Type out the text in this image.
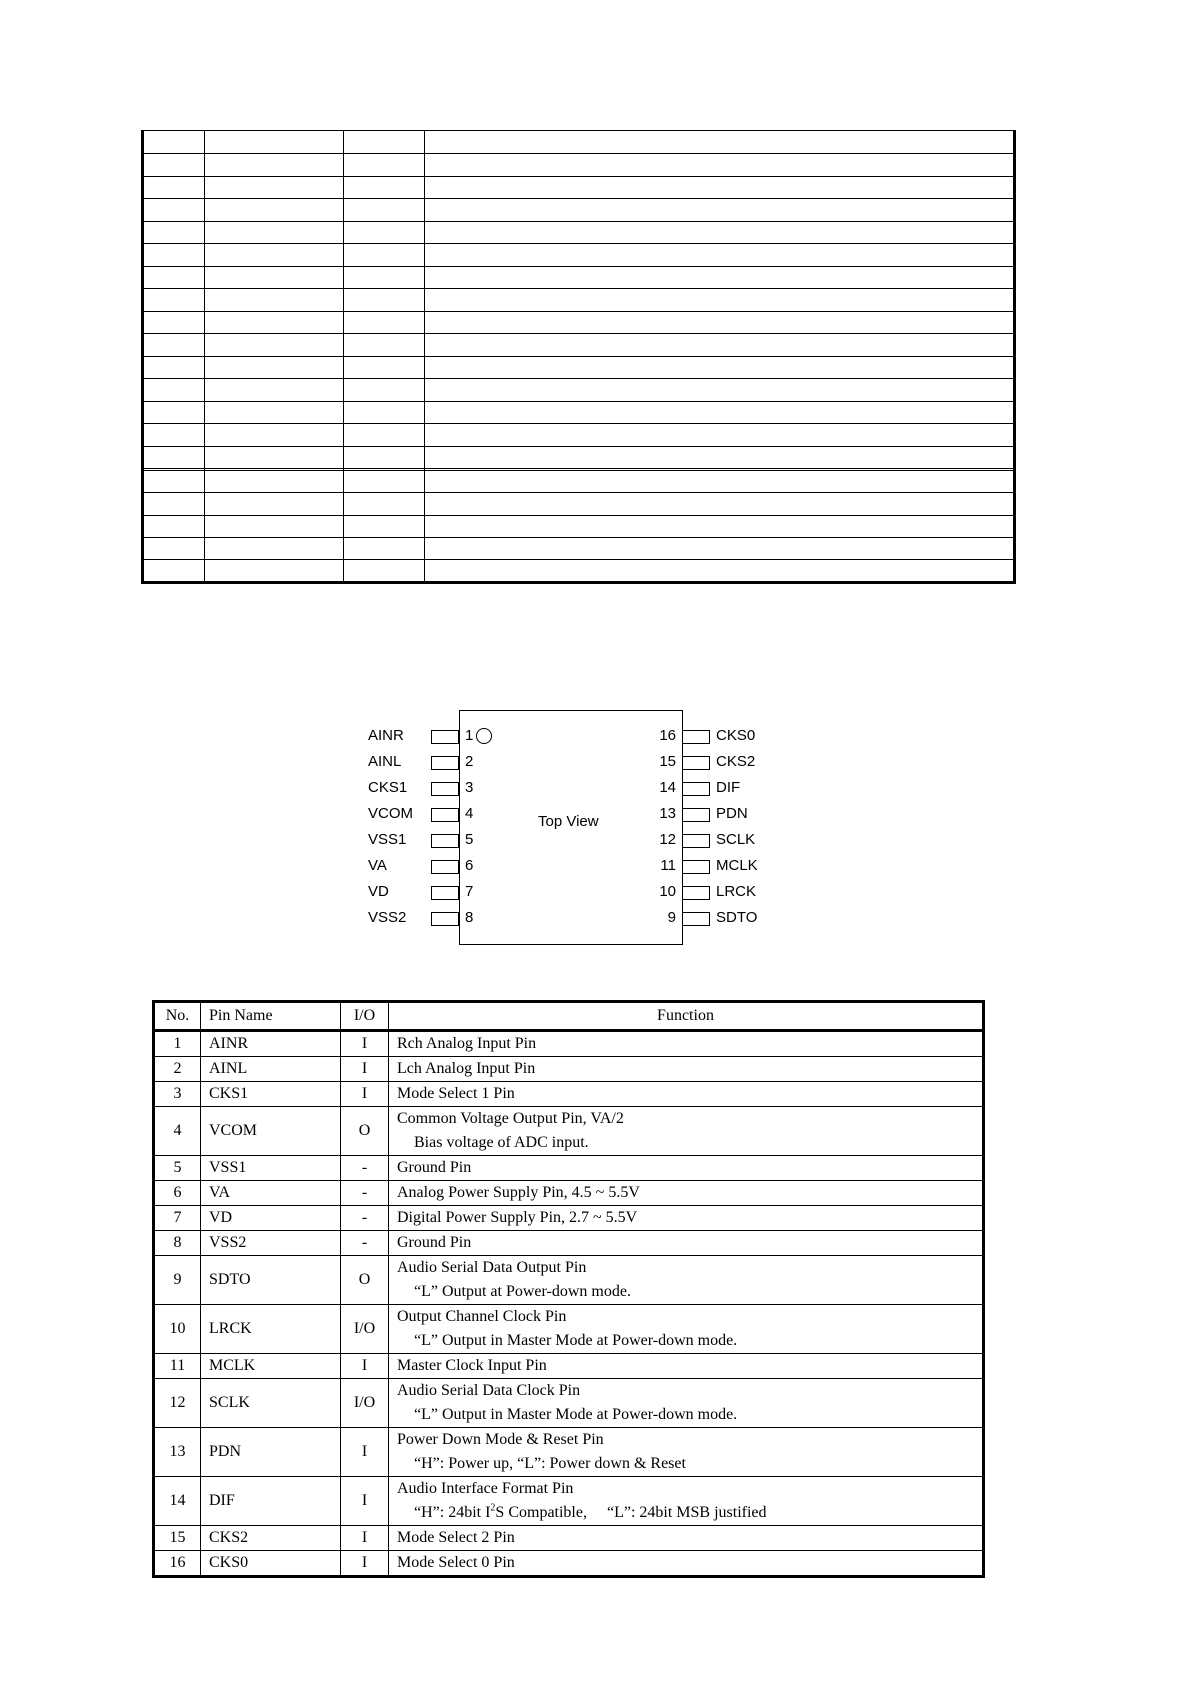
Top View
AINR	1
AINL	2
CKS1	3
VCOM	4
VSS1	5
VA	6
VD	7
VSS2	8
16	CKS0
15	CKS2
14	DIF
13	PDN
12	SCLK
11	MCLK
10	LRCK
9	SDTO
No.	Pin Name	I/O	Function
1	AINR	I	Rch Analog Input Pin
2	AINL	I	Lch Analog Input Pin
3	CKS1	I	Mode Select 1 Pin
4	VCOM	O	Common Voltage Output Pin, VA/2
Bias voltage of ADC input.

5	VSS1	-	Ground Pin
6	VA	-	Analog Power Supply Pin, 4.5 ~ 5.5V
7	VD	-	Digital Power Supply Pin, 2.7 ~ 5.5V
8	VSS2	-	Ground Pin
9	SDTO	O	Audio Serial Data Output Pin
“L” Output at Power-down mode.

10	LRCK	I/O	Output Channel Clock Pin
“L” Output in Master Mode at Power-down mode.

11	MCLK	I	Master Clock Input Pin
12	SCLK	I/O	Audio Serial Data Clock Pin
“L” Output in Master Mode at Power-down mode.

13	PDN	I	Power Down Mode & Reset Pin
“H”: Power up, “L”: Power down & Reset

14	DIF	I	Audio Interface Format Pin
“H”: 24bit $I^2S$ Compatible,     “L”: 24bit MSB justified

15	CKS2	I	Mode Select 2 Pin
16	CKS0	I	Mode Select 0 Pin
